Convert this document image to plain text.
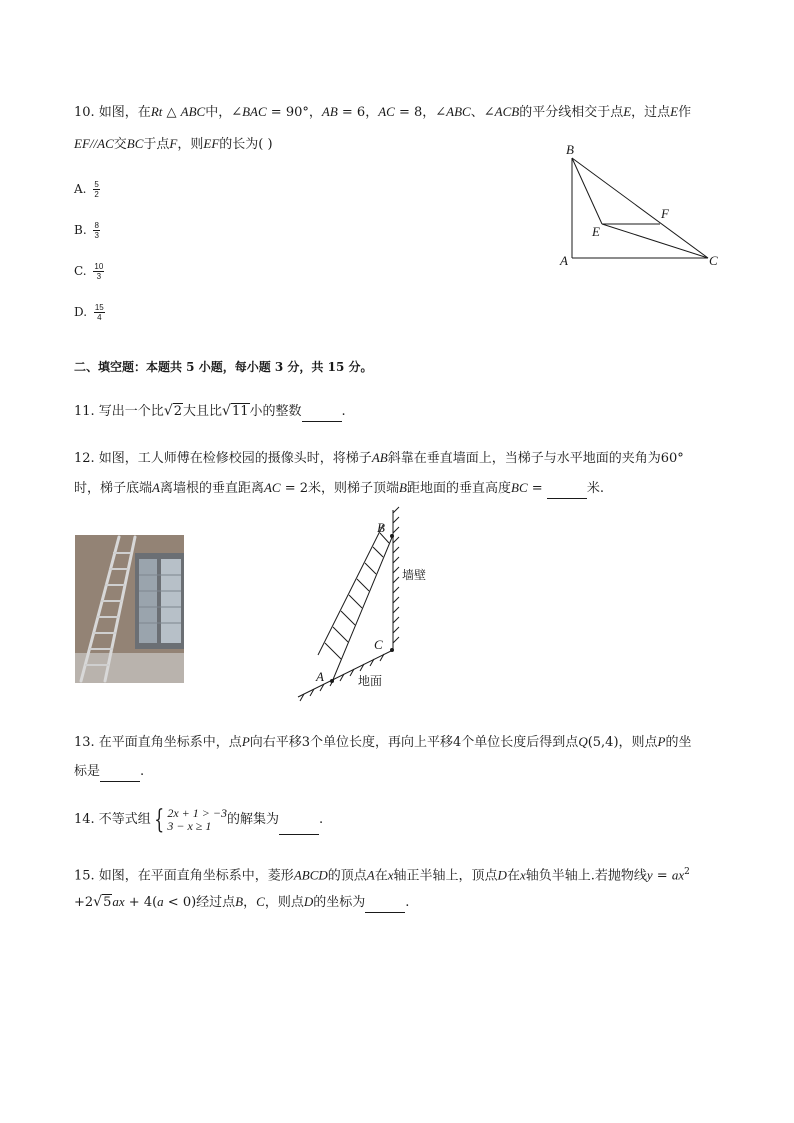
10. 如图，在Rt △ ABC中，∠BAC = 90°，AB = 6，AC = 8，∠ABC、∠ACB的平分线相交于点E，过点E作
EF//AC交BC于点F，则EF的长为( )
A. $\frac{5}{2}$
B. $\frac{8}{3}$
C. $\frac{10}{3}$
D. $\frac{15}{4}$
B
F
E
A	C
二、填空题：本题共 5 小题，每小题 3 分，共 15 分。
11. 写出一个比√2大且比√11小的整数	.
12. 如图，工人师傅在检修校园的摄像头时，将梯子AB斜靠在垂直墙面上，当梯子与水平地面的夹角为60°
时，梯子底端A离墙根的垂直距离AC = 2米，则梯子顶端B距地面的垂直高度BC =	米.
B
C
A
墙壁
地面
13. 在平面直角坐标系中，点P向右平移3个单位长度，再向上平移4个单位长度后得到点Q(5,4)，则点P的坐
标是	.
14. 不等式组 { 2x + 1 > −3
3 − x ≥ 1	的解集为	.
15. 如图，在平面直角坐标系中，菱形ABCD的顶点A在x轴正半轴上，顶点D在x轴负半轴上.若抛物线$y = ax^2$
+2√5ax + 4(a < 0)经过点B，C，则点D的坐标为	.
